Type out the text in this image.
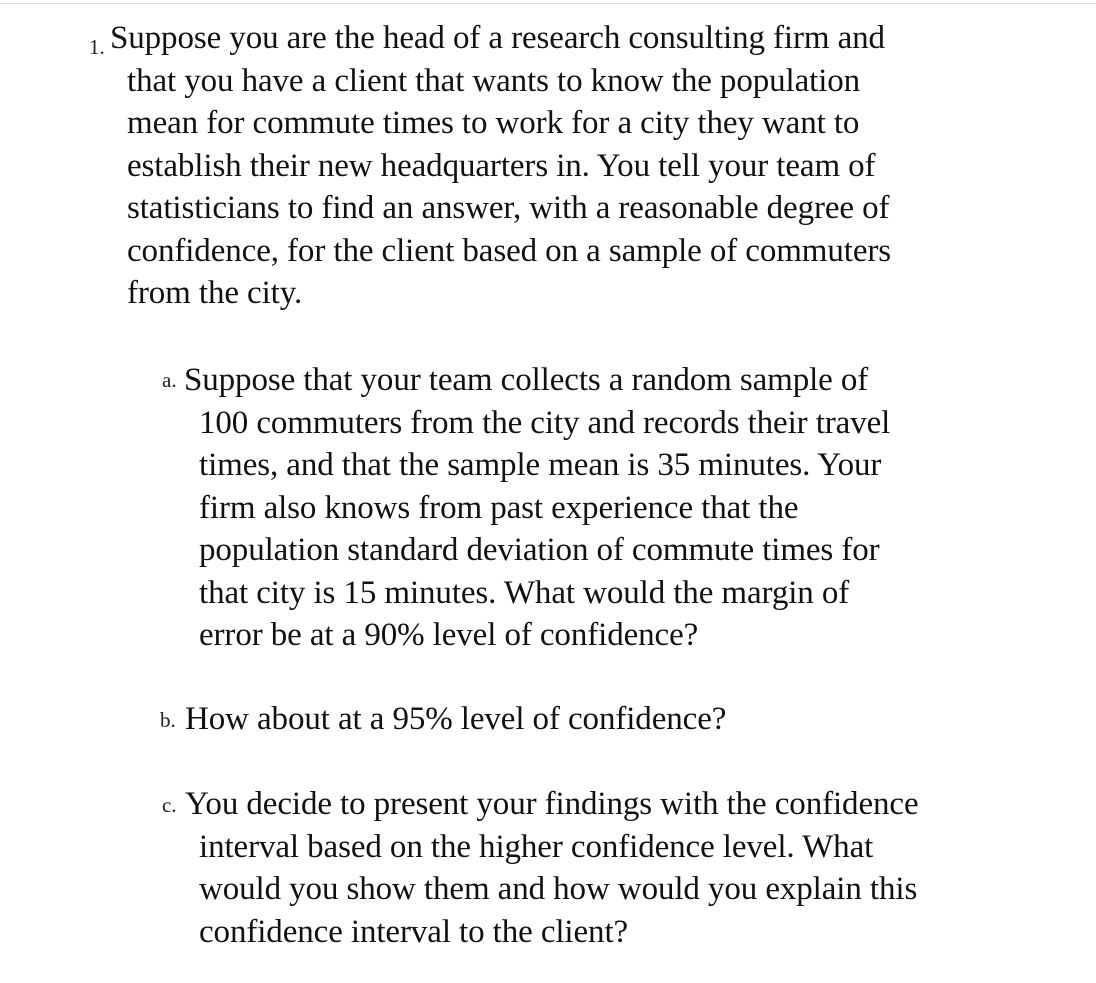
1. Suppose you are the head of a research consulting firm and
that you have a client that wants to know the population
mean for commute times to work for a city they want to
establish their new headquarters in. You tell your team of
statisticians to find an answer, with a reasonable degree of
confidence, for the client based on a sample of commuters
from the city.
a. Suppose that your team collects a random sample of
100 commuters from the city and records their travel
times, and that the sample mean is 35 minutes. Your
firm also knows from past experience that the
population standard deviation of commute times for
that city is 15 minutes. What would the margin of
error be at a 90% level of confidence?
b. How about at a 95% level of confidence?
c. You decide to present your findings with the confidence
interval based on the higher confidence level. What
would you show them and how would you explain this
confidence interval to the client?
